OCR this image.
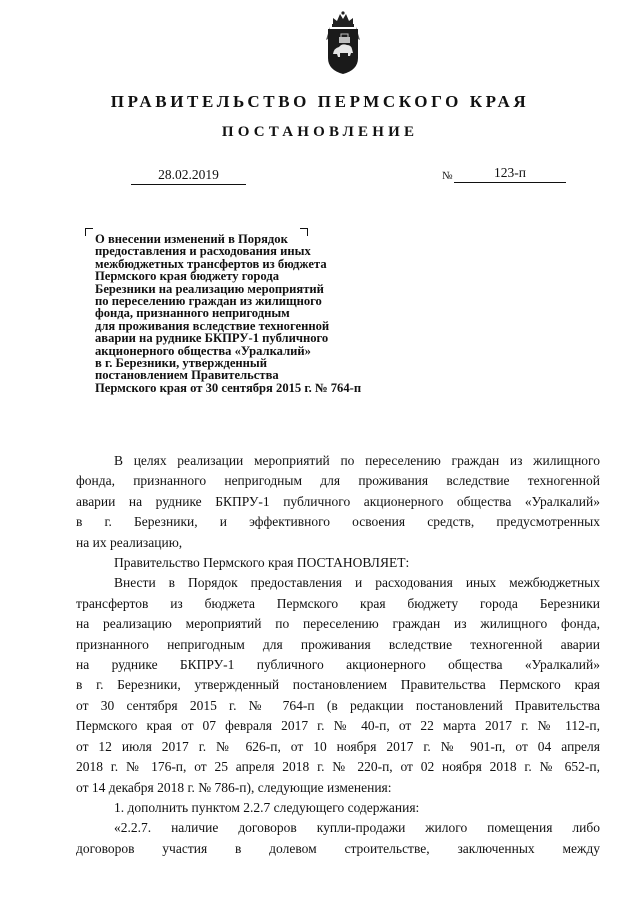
ПРАВИТЕЛЬСТВО ПЕРМСКОГО КРАЯ
ПОСТАНОВЛЕНИЕ
28.02.2019	№	123-п
О внесении изменений в Порядок
предоставления и расходования иных
межбюджетных трансфертов из бюджета
Пермского края бюджету города
Березники на реализацию мероприятий
по переселению граждан из жилищного
фонда, признанного непригодным
для проживания вследствие техногенной
аварии на руднике БКПРУ-1 публичного
акционерного общества «Уралкалий»
в г. Березники, утвержденный
постановлением Правительства
Пермского края от 30 сентября 2015 г. № 764-п
В целях реализации мероприятий по переселению граждан из жилищного
фонда, признанного непригодным для проживания вследствие техногенной
аварии на руднике БКПРУ-1 публичного акционерного общества «Уралкалий»
в г. Березники, и эффективного освоения средств, предусмотренных
на их реализацию,
Правительство Пермского края ПОСТАНОВЛЯЕТ:
Внести в Порядок предоставления и расходования иных межбюджетных
трансфертов из бюджета Пермского края бюджету города Березники
на реализацию мероприятий по переселению граждан из жилищного фонда,
признанного непригодным для проживания вследствие техногенной аварии
на руднике БКПРУ-1 публичного акционерного общества «Уралкалий»
в г. Березники, утвержденный постановлением Правительства Пермского края
от 30 сентября 2015 г. № 764-п (в редакции постановлений Правительства
Пермского края от 07 февраля 2017 г. № 40-п, от 22 марта 2017 г. № 112-п,
от 12 июля 2017 г. № 626-п, от 10 ноября 2017 г. № 901-п, от 04 апреля
2018 г. № 176-п, от 25 апреля 2018 г. № 220-п, от 02 ноября 2018 г. № 652-п,
от 14 декабря 2018 г. № 786-п), следующие изменения:
1. дополнить пунктом 2.2.7 следующего содержания:
«2.2.7. наличие договоров купли-продажи жилого помещения либо
договоров участия в долевом строительстве, заключенных между
